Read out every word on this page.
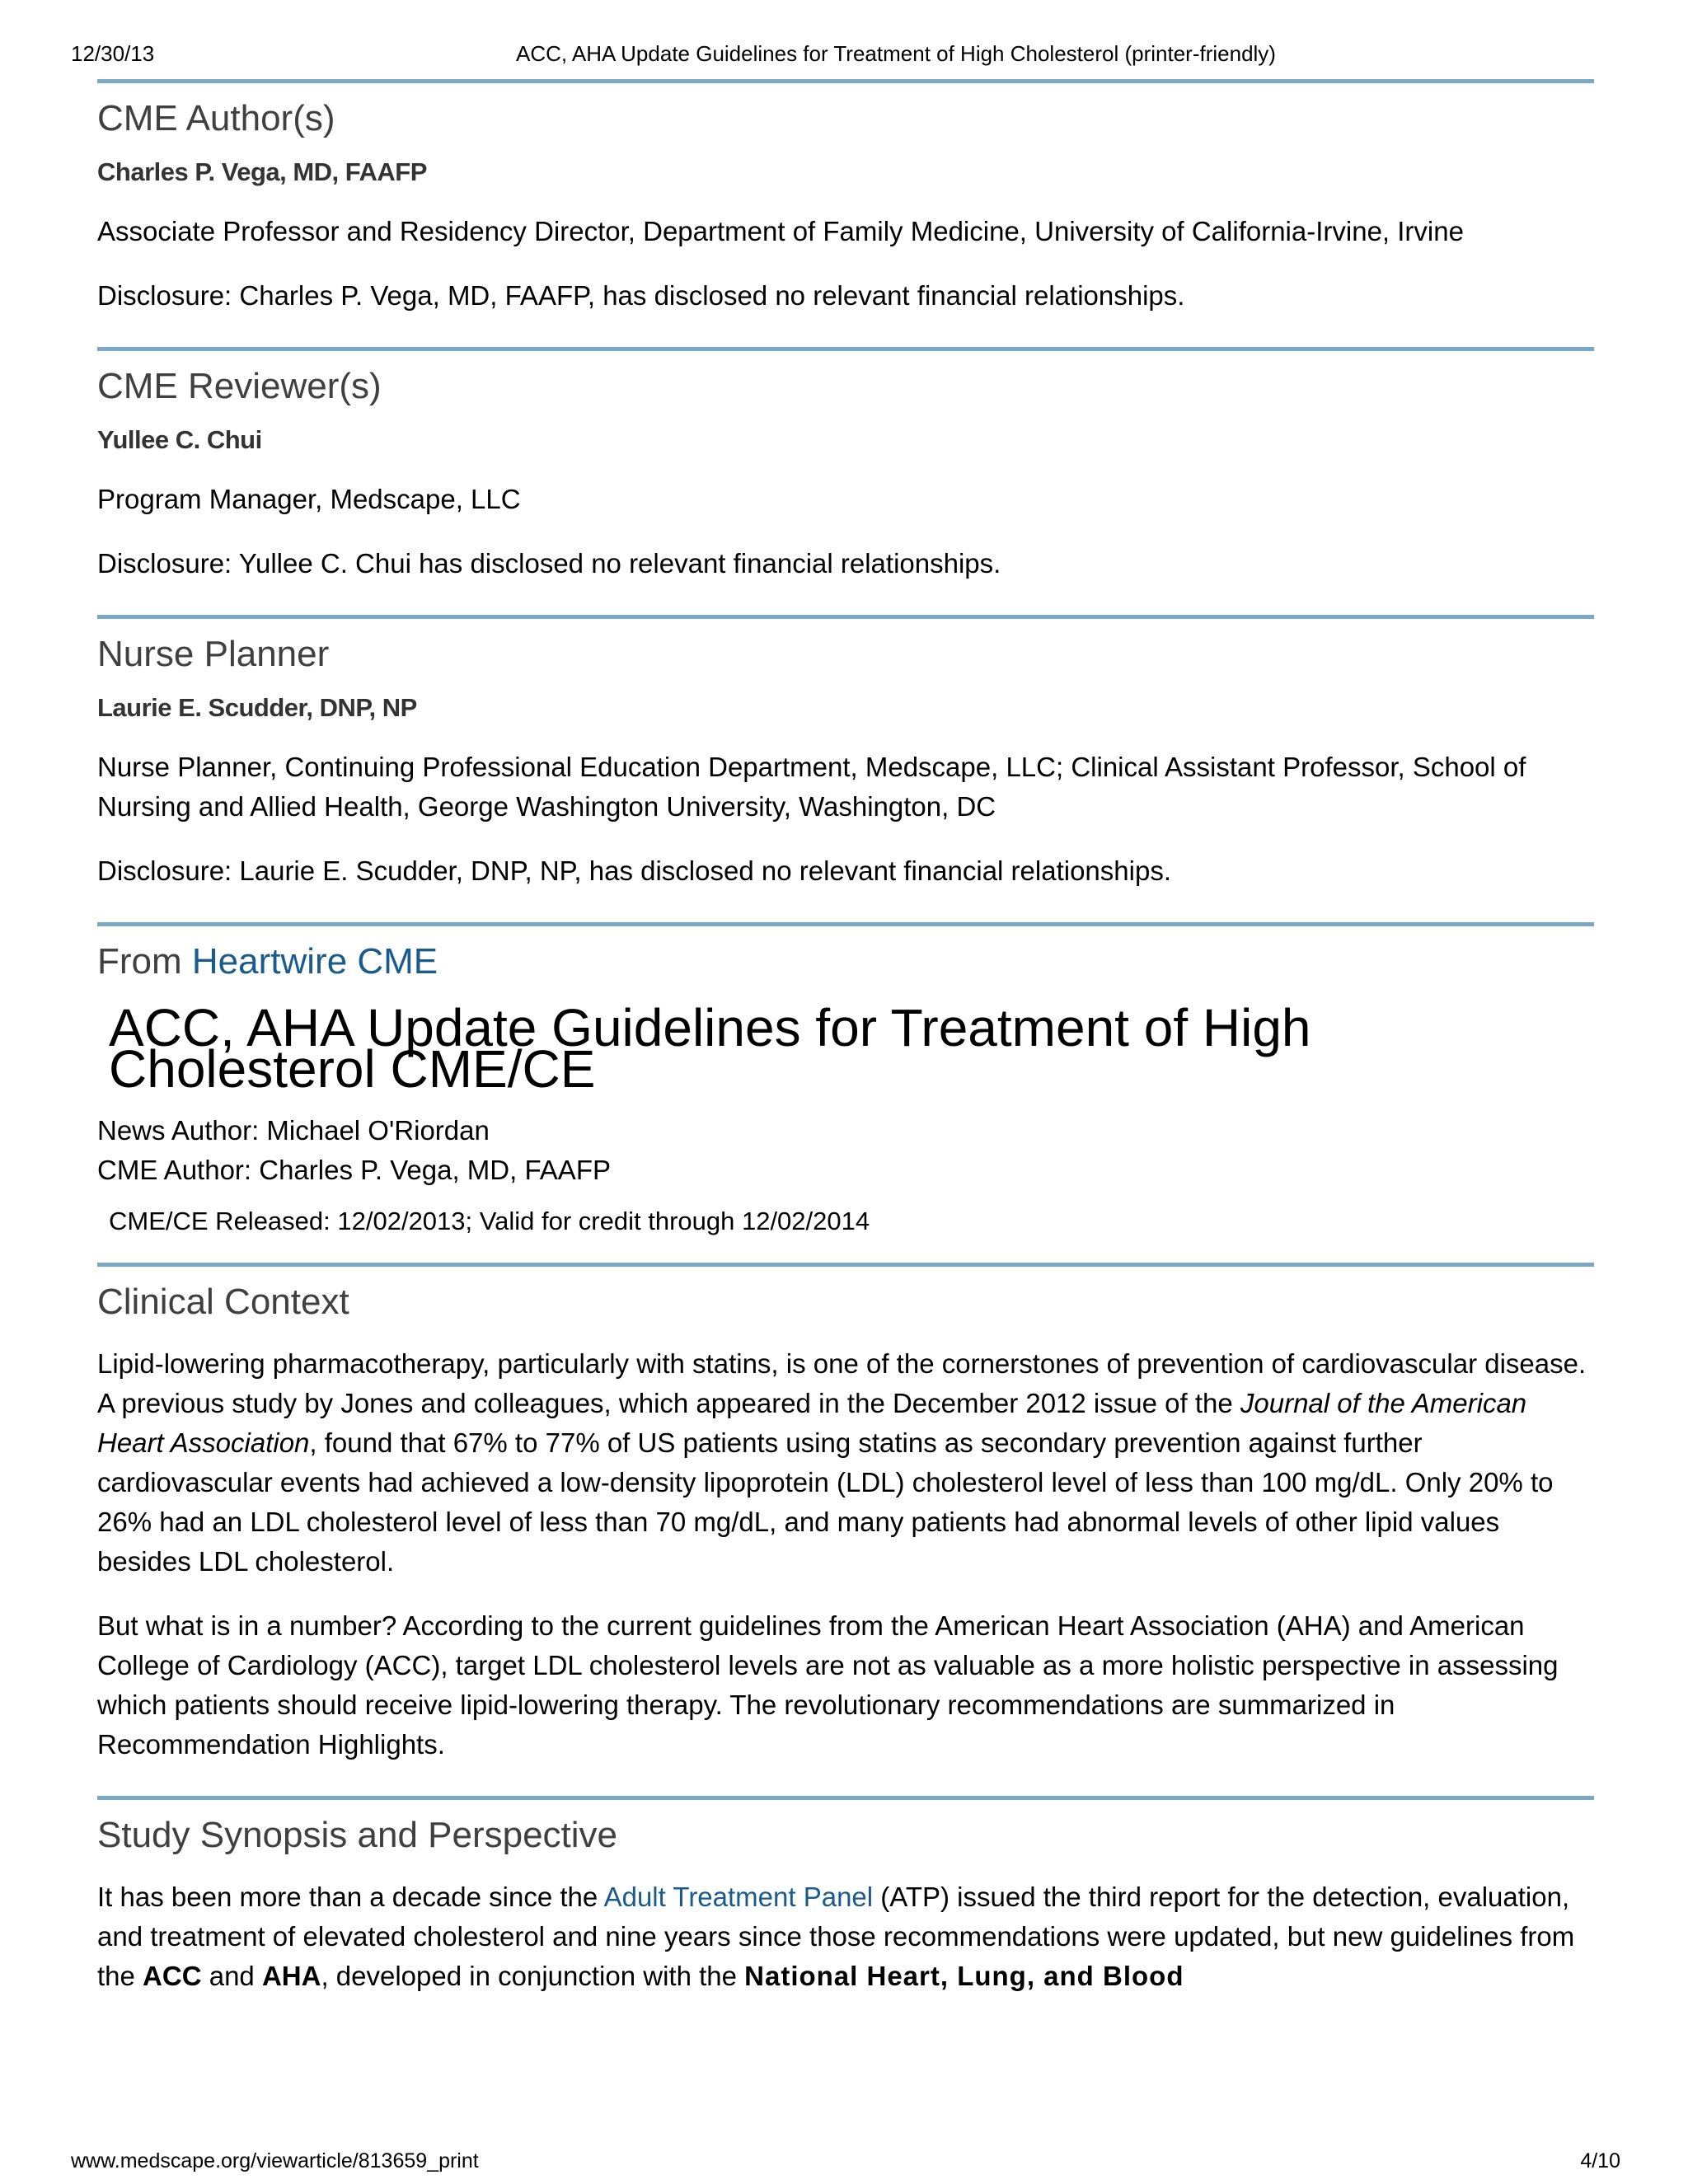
12/30/13	ACC, AHA Update Guidelines for Treatment of High Cholesterol (printer-friendly)
CME Author(s)
Charles P. Vega, MD, FAAFP

Associate Professor and Residency Director, Department of Family Medicine, University of California-Irvine, Irvine

Disclosure: Charles P. Vega, MD, FAAFP, has disclosed no relevant financial relationships.

CME Reviewer(s)
Yullee C. Chui

Program Manager, Medscape, LLC

Disclosure: Yullee C. Chui has disclosed no relevant financial relationships.

Nurse Planner
Laurie E. Scudder, DNP, NP

Nurse Planner, Continuing Professional Education Department, Medscape, LLC; Clinical Assistant Professor, School of Nursing and Allied Health, George Washington University, Washington, DC

Disclosure: Laurie E. Scudder, DNP, NP, has disclosed no relevant financial relationships.

From Heartwire CME
ACC, AHA Update Guidelines for Treatment of High Cholesterol CME/CE
News Author: Michael O'Riordan
CME Author: Charles P. Vega, MD, FAAFP
CME/CE Released: 12/02/2013; Valid for credit through 12/02/2014
Clinical Context

Lipid-lowering pharmacotherapy, particularly with statins, is one of the cornerstones of prevention of cardiovascular disease. A previous study by Jones and colleagues, which appeared in the December 2012 issue of the Journal of the American Heart Association, found that 67% to 77% of US patients using statins as secondary prevention against further cardiovascular events had achieved a low-density lipoprotein (LDL) cholesterol level of less than 100 mg/dL. Only 20% to 26% had an LDL cholesterol level of less than 70 mg/dL, and many patients had abnormal levels of other lipid values besides LDL cholesterol.

But what is in a number? According to the current guidelines from the American Heart Association (AHA) and American College of Cardiology (ACC), target LDL cholesterol levels are not as valuable as a more holistic perspective in assessing which patients should receive lipid-lowering therapy. The revolutionary recommendations are summarized in Recommendation Highlights.

Study Synopsis and Perspective

It has been more than a decade since the Adult Treatment Panel (ATP) issued the third report for the detection, evaluation, and treatment of elevated cholesterol and nine years since those recommendations were updated, but new guidelines from the ACC and AHA, developed in conjunction with the National Heart, Lung, and Blood

www.medscape.org/viewarticle/813659_print	4/10
